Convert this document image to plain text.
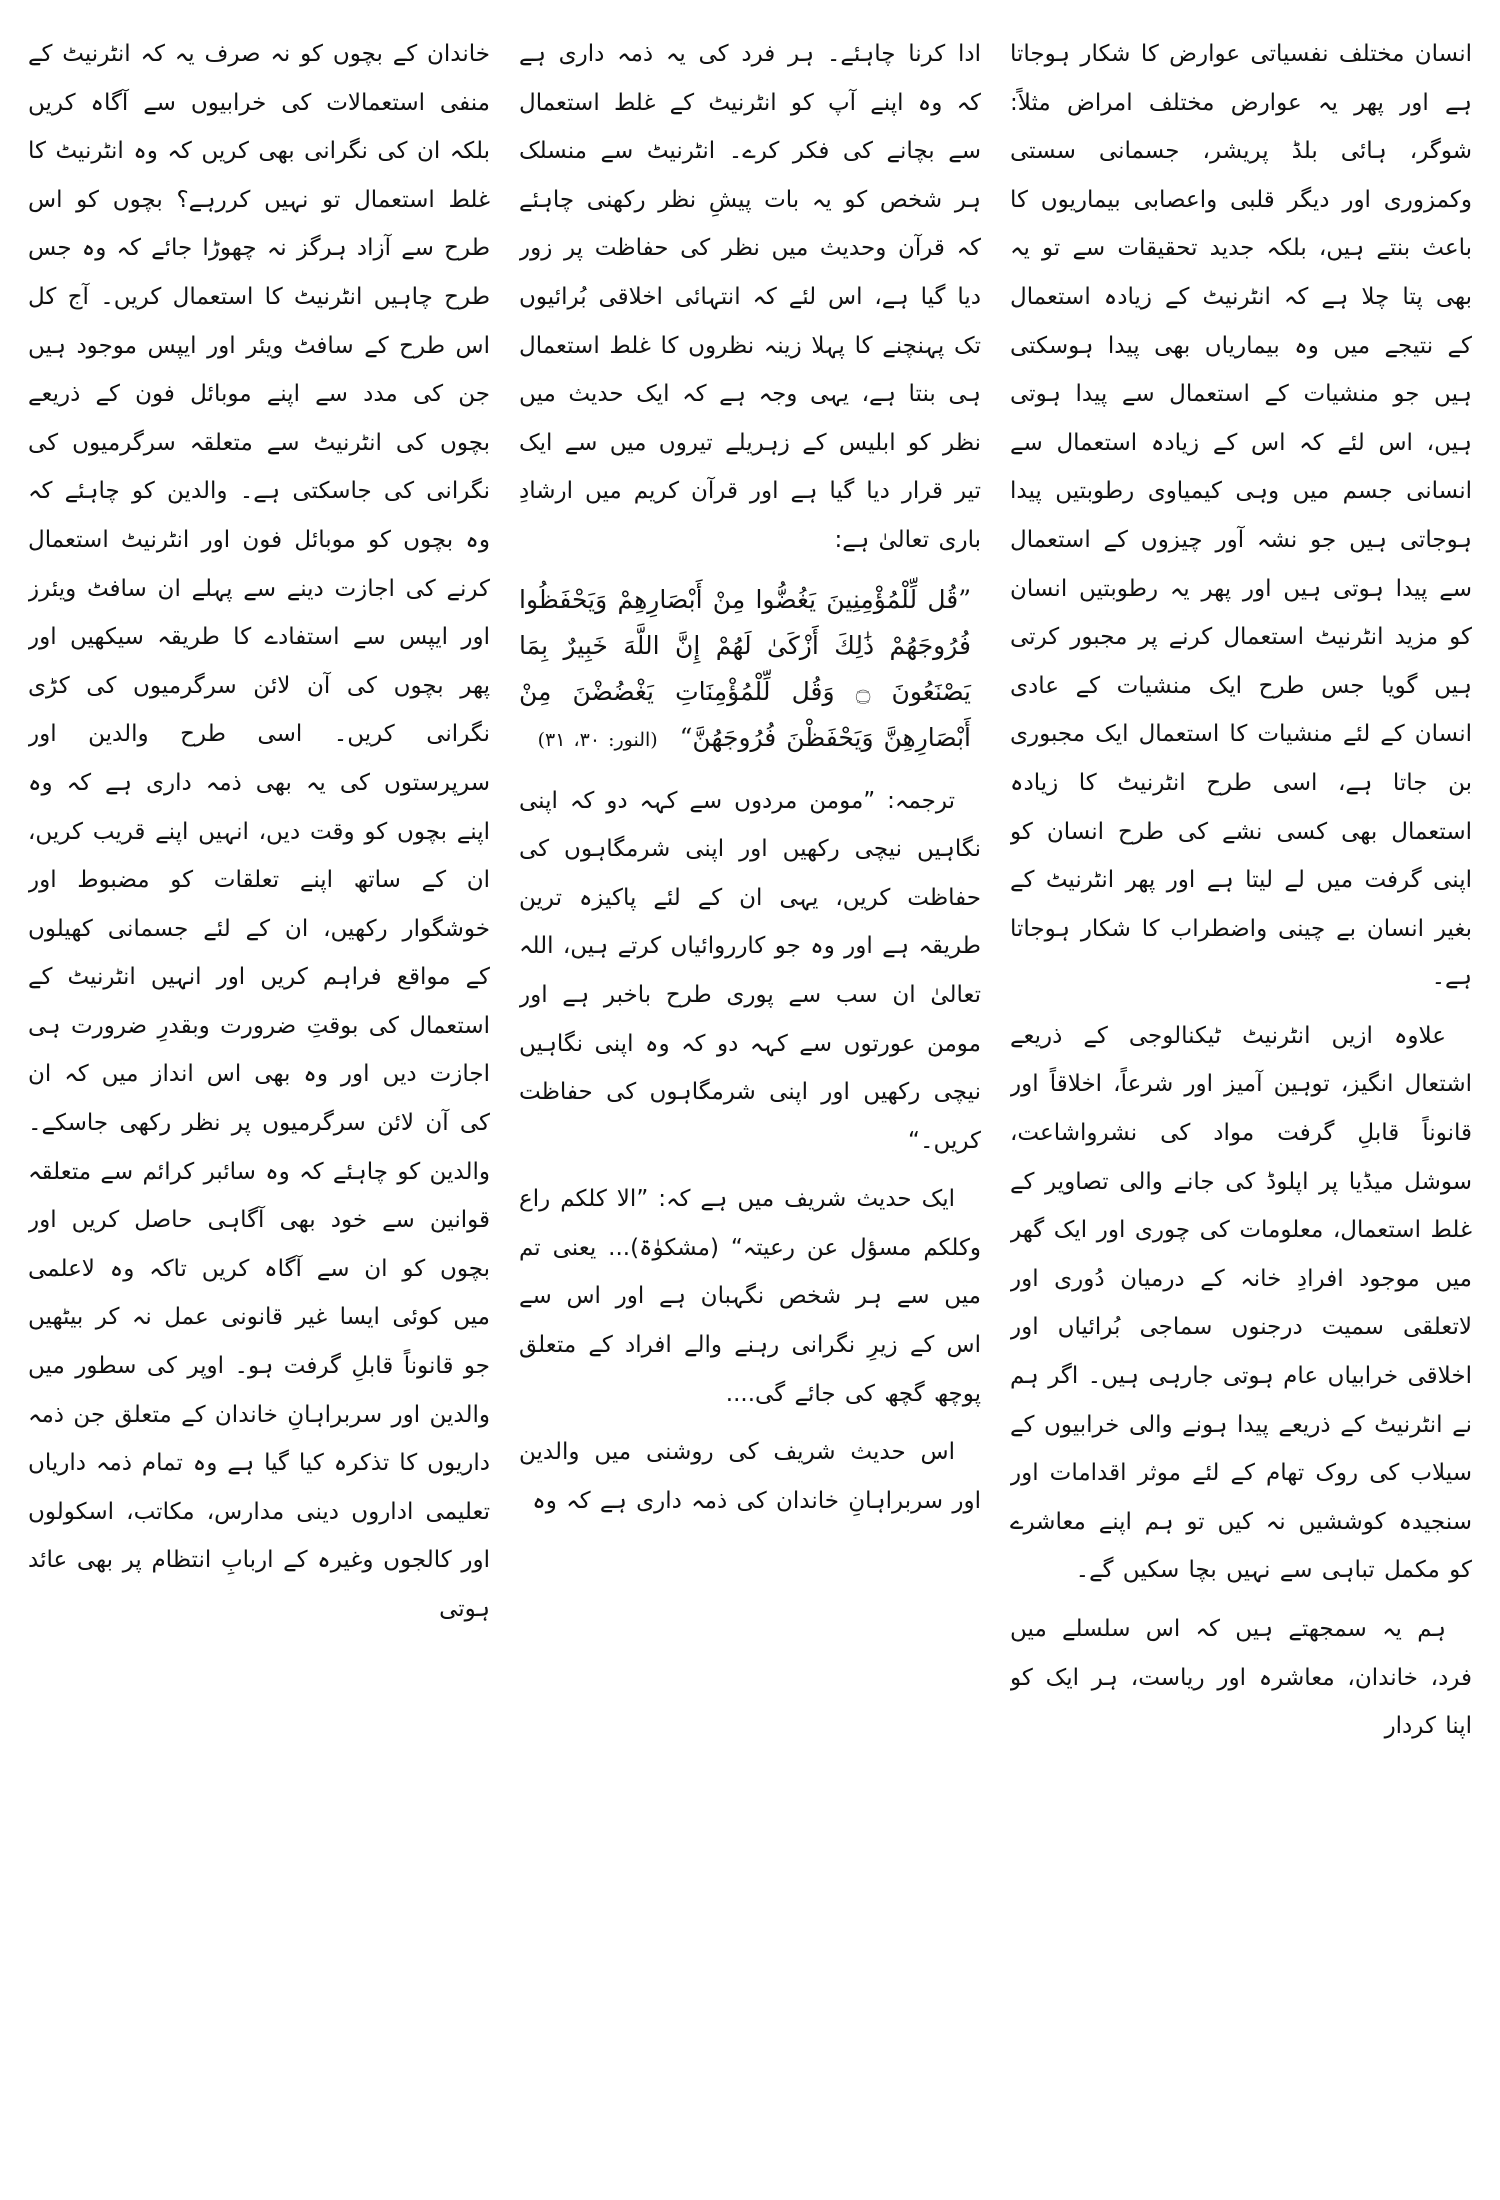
انسان مختلف نفسیاتی عوارض کا شکار ہوجاتا ہے اور پھر یہ عوارض مختلف امراض مثلاً: شوگر، ہائی بلڈ پریشر، جسمانی سستی وکمزوری اور دیگر قلبی واعصابی بیماریوں کا باعث بنتے ہیں، بلکہ جدید تحقیقات سے تو یہ بھی پتا چلا ہے کہ انٹرنیٹ کے زیادہ استعمال کے نتیجے میں وہ بیماریاں بھی پیدا ہوسکتی ہیں جو منشیات کے استعمال سے پیدا ہوتی ہیں، اس لئے کہ اس کے زیادہ استعمال سے انسانی جسم میں وہی کیمیاوی رطوبتیں پیدا ہوجاتی ہیں جو نشہ آور چیزوں کے استعمال سے پیدا ہوتی ہیں اور پھر یہ رطوبتیں انسان کو مزید انٹرنیٹ استعمال کرنے پر مجبور کرتی ہیں گویا جس طرح ایک منشیات کے عادی انسان کے لئے منشیات کا استعمال ایک مجبوری بن جاتا ہے، اسی طرح انٹرنیٹ کا زیادہ استعمال بھی کسی نشے کی طرح انسان کو اپنی گرفت میں لے لیتا ہے اور پھر انٹرنیٹ کے بغیر انسان بے چینی واضطراب کا شکار ہوجاتا ہے۔

علاوہ ازیں انٹرنیٹ ٹیکنالوجی کے ذریعے اشتعال انگیز، توہین آمیز اور شرعاً، اخلاقاً اور قانوناً قابلِ گرفت مواد کی نشرواشاعت، سوشل میڈیا پر اپلوڈ کی جانے والی تصاویر کے غلط استعمال، معلومات کی چوری اور ایک گھر میں موجود افرادِ خانہ کے درمیان دُوری اور لاتعلقی سمیت درجنوں سماجی بُرائیاں اور اخلاقی خرابیاں عام ہوتی جارہی ہیں۔ اگر ہم نے انٹرنیٹ کے ذریعے پیدا ہونے والی خرابیوں کے سیلاب کی روک تھام کے لئے موثر اقدامات اور سنجیدہ کوششیں نہ کیں تو ہم اپنے معاشرے کو مکمل تباہی سے نہیں بچا سکیں گے۔

ہم یہ سمجھتے ہیں کہ اس سلسلے میں فرد، خاندان، معاشرہ اور ریاست، ہر ایک کو اپنا کردار

ادا کرنا چاہئے۔ ہر فرد کی یہ ذمہ داری ہے کہ وہ اپنے آپ کو انٹرنیٹ کے غلط استعمال سے بچانے کی فکر کرے۔ انٹرنیٹ سے منسلک ہر شخص کو یہ بات پیشِ نظر رکھنی چاہئے کہ قرآن وحدیث میں نظر کی حفاظت پر زور دیا گیا ہے، اس لئے کہ انتہائی اخلاقی بُرائیوں تک پہنچنے کا پہلا زینہ نظروں کا غلط استعمال ہی بنتا ہے، یہی وجہ ہے کہ ایک حدیث میں نظر کو ابلیس کے زہریلے تیروں میں سے ایک تیر قرار دیا گیا ہے اور قرآن کریم میں ارشادِ باری تعالیٰ ہے:

”قُل لِّلْمُؤْمِنِينَ يَغُضُّوا مِنْ أَبْصَارِهِمْ وَيَحْفَظُوا فُرُوجَهُمْ ذَٰلِكَ أَزْكَىٰ لَهُمْ إِنَّ اللَّهَ خَبِيرٌ بِمَا يَصْنَعُونَ ۝ وَقُل لِّلْمُؤْمِنَاتِ يَغْضُضْنَ مِنْ أَبْصَارِهِنَّ وَيَحْفَظْنَ فُرُوجَهُنَّ“ (النور: ۳۰، ۳۱)

ترجمہ: ”مومن مردوں سے کہہ دو کہ اپنی نگاہیں نیچی رکھیں اور اپنی شرمگاہوں کی حفاظت کریں، یہی ان کے لئے پاکیزہ ترین طریقہ ہے اور وہ جو کارروائیاں کرتے ہیں، اللہ تعالیٰ ان سب سے پوری طرح باخبر ہے اور مومن عورتوں سے کہہ دو کہ وہ اپنی نگاہیں نیچی رکھیں اور اپنی شرمگاہوں کی حفاظت کریں۔“

ایک حدیث شریف میں ہے کہ: ”الا کلکم راع وکلکم مسؤل عن رعیتہ“ (مشکوٰۃ)... یعنی تم میں سے ہر شخص نگہبان ہے اور اس سے اس کے زیرِ نگرانی رہنے والے افراد کے متعلق پوچھ گچھ کی جائے گی....

اس حدیث شریف کی روشنی میں والدین اور سربراہانِ خاندان کی ذمہ داری ہے کہ وہ

خاندان کے بچوں کو نہ صرف یہ کہ انٹرنیٹ کے منفی استعمالات کی خرابیوں سے آگاہ کریں بلکہ ان کی نگرانی بھی کریں کہ وہ انٹرنیٹ کا غلط استعمال تو نہیں کررہے؟ بچوں کو اس طرح سے آزاد ہرگز نہ چھوڑا جائے کہ وہ جس طرح چاہیں انٹرنیٹ کا استعمال کریں۔ آج کل اس طرح کے سافٹ ویئر اور ایپس موجود ہیں جن کی مدد سے اپنے موبائل فون کے ذریعے بچوں کی انٹرنیٹ سے متعلقہ سرگرمیوں کی نگرانی کی جاسکتی ہے۔ والدین کو چاہئے کہ وہ بچوں کو موبائل فون اور انٹرنیٹ استعمال کرنے کی اجازت دینے سے پہلے ان سافٹ ویئرز اور ایپس سے استفادے کا طریقہ سیکھیں اور پھر بچوں کی آن لائن سرگرمیوں کی کڑی نگرانی کریں۔ اسی طرح والدین اور سرپرستوں کی یہ بھی ذمہ داری ہے کہ وہ اپنے بچوں کو وقت دیں، انہیں اپنے قریب کریں، ان کے ساتھ اپنے تعلقات کو مضبوط اور خوشگوار رکھیں، ان کے لئے جسمانی کھیلوں کے مواقع فراہم کریں اور انہیں انٹرنیٹ کے استعمال کی بوقتِ ضرورت وبقدرِ ضرورت ہی اجازت دیں اور وہ بھی اس انداز میں کہ ان کی آن لائن سرگرمیوں پر نظر رکھی جاسکے۔ والدین کو چاہئے کہ وہ سائبر کرائم سے متعلقہ قوانین سے خود بھی آگاہی حاصل کریں اور بچوں کو ان سے آگاہ کریں تاکہ وہ لاعلمی میں کوئی ایسا غیر قانونی عمل نہ کر بیٹھیں جو قانوناً قابلِ گرفت ہو۔ اوپر کی سطور میں والدین اور سربراہانِ خاندان کے متعلق جن ذمہ داریوں کا تذکرہ کیا گیا ہے وہ تمام ذمہ داریاں تعلیمی اداروں دینی مدارس، مکاتب، اسکولوں اور کالجوں وغیرہ کے اربابِ انتظام پر بھی عائد ہوتی
